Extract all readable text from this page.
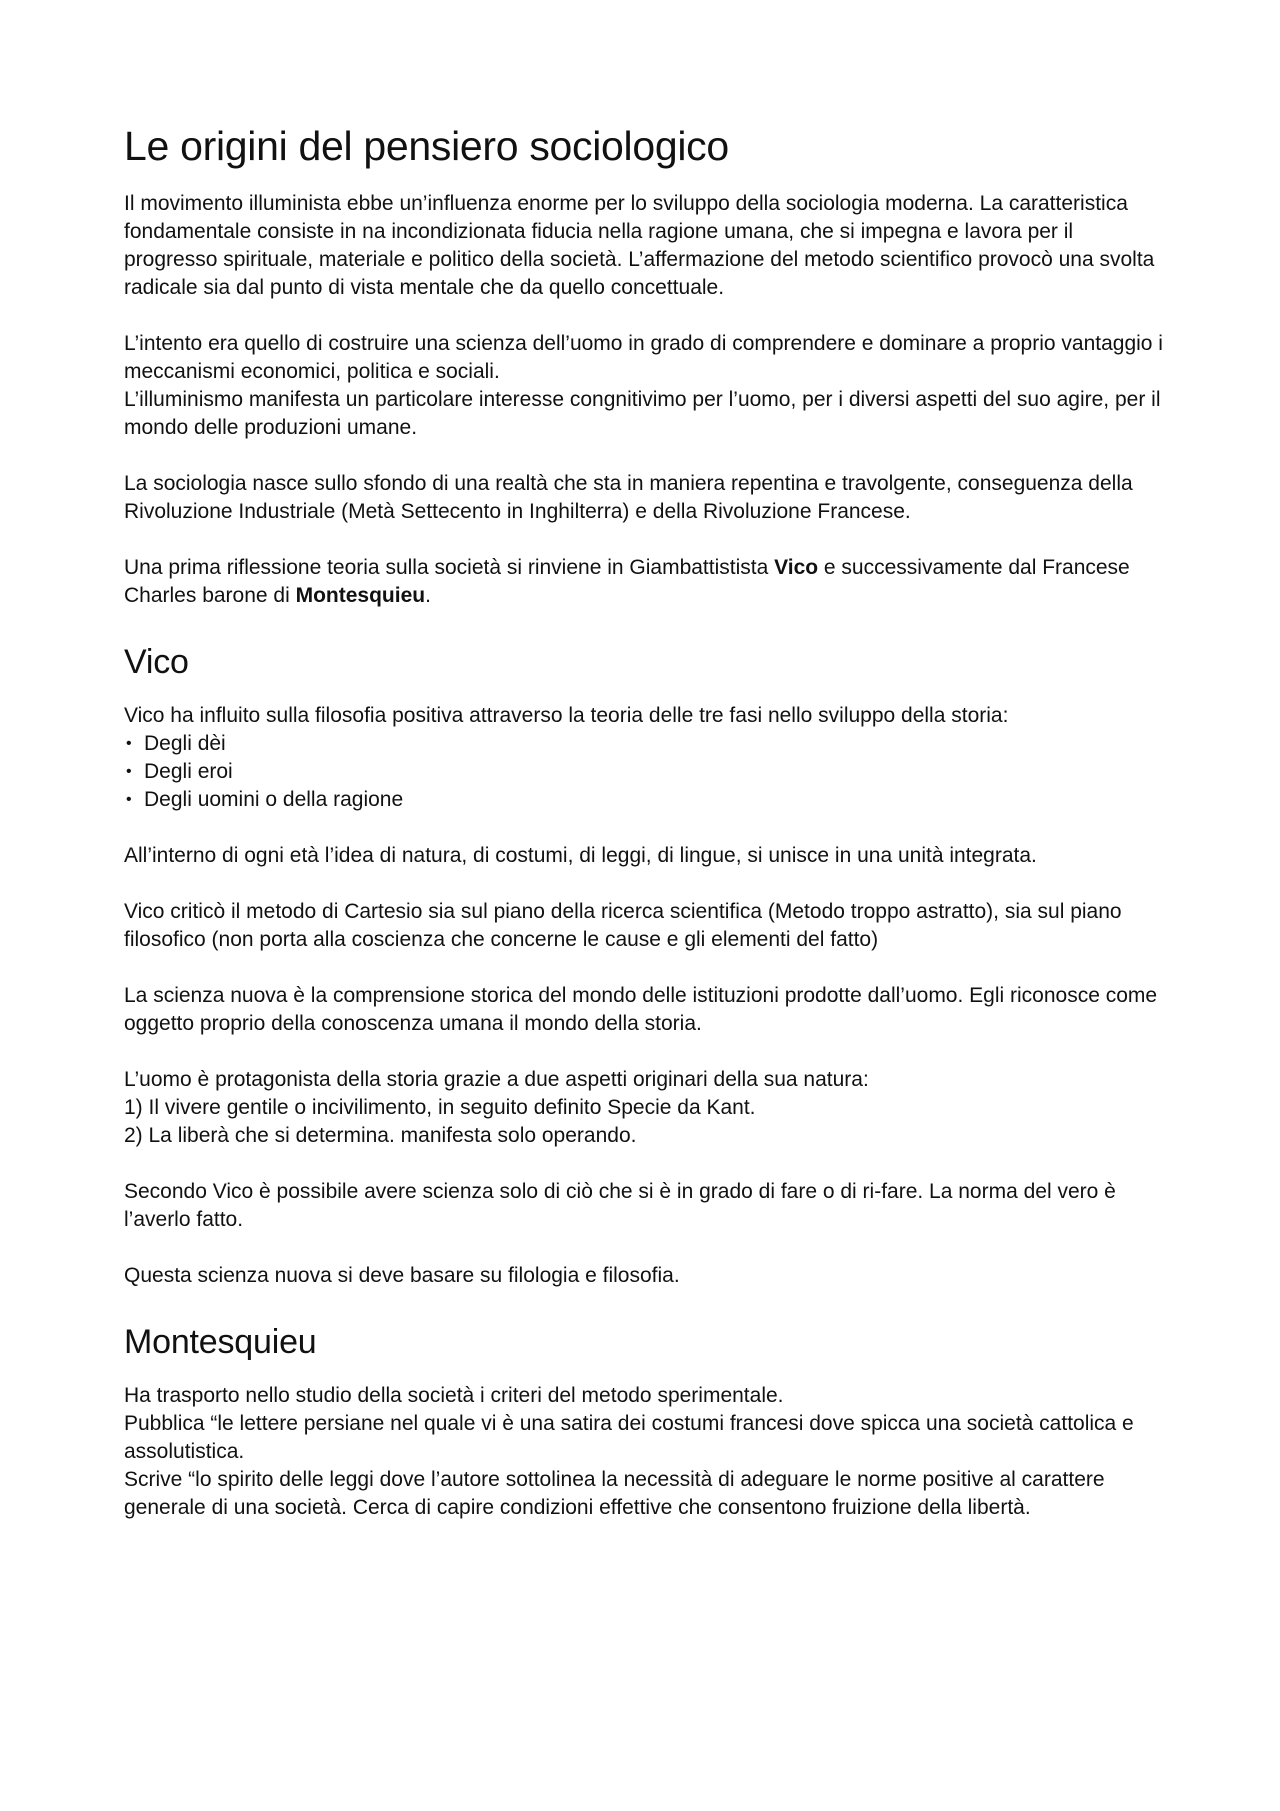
Le origini del pensiero sociologico

Il movimento illuminista ebbe un’influenza enorme per lo sviluppo della sociologia moderna. La caratteristica fondamentale consiste in na incondizionata fiducia nella ragione umana, che si impegna e lavora per il progresso spirituale, materiale e politico della società. L’affermazione del metodo scientifico provocò una svolta radicale sia dal punto di vista mentale che da quello concettuale.

L’intento era quello di costruire una scienza dell’uomo in grado di comprendere e dominare a proprio vantaggio i meccanismi economici, politica e sociali.
L’illuminismo manifesta un particolare interesse congnitivimo per l’uomo, per i diversi aspetti del suo agire, per il mondo delle produzioni umane.

La sociologia nasce sullo sfondo di una realtà che sta in maniera repentina e travolgente, conseguenza della Rivoluzione Industriale (Metà Settecento in Inghilterra) e della Rivoluzione Francese.

Una prima riflessione teoria sulla società si rinviene in Giambattistista Vico e successivamente dal Francese Charles barone di Montesquieu.

Vico

Vico ha influito sulla filosofia positiva attraverso la teoria delle tre fasi nello sviluppo della storia:

• Degli dèi
• Degli eroi
• Degli uomini o della ragione

All’interno di ogni età l’idea di natura, di costumi, di leggi, di lingue, si unisce in una unità integrata.

Vico criticò il metodo di Cartesio sia sul piano della ricerca scientifica (Metodo troppo astratto), sia sul piano filosofico (non porta alla coscienza che concerne le cause e gli elementi del fatto)

La scienza nuova è la comprensione storica del mondo delle istituzioni prodotte dall’uomo. Egli riconosce come oggetto proprio della conoscenza umana il mondo della storia.

L’uomo è protagonista della storia grazie a due aspetti originari della sua natura:
1) Il vivere gentile o incivilimento, in seguito definito Specie da Kant.
2) La liberà che si determina. manifesta solo operando.

Secondo Vico è possibile avere scienza solo di ciò che si è in grado di fare o di ri-fare. La norma del vero è l’averlo fatto.

Questa scienza nuova si deve basare su filologia e filosofia.

Montesquieu

Ha trasporto nello studio della società i criteri del metodo sperimentale.
Pubblica “le lettere persiane nel quale vi è una satira dei costumi francesi dove spicca una società cattolica e assolutistica.
Scrive “lo spirito delle leggi dove l’autore sottolinea la necessità di adeguare le norme positive al carattere generale di una società. Cerca di capire condizioni effettive che consentono fruizione della libertà.
